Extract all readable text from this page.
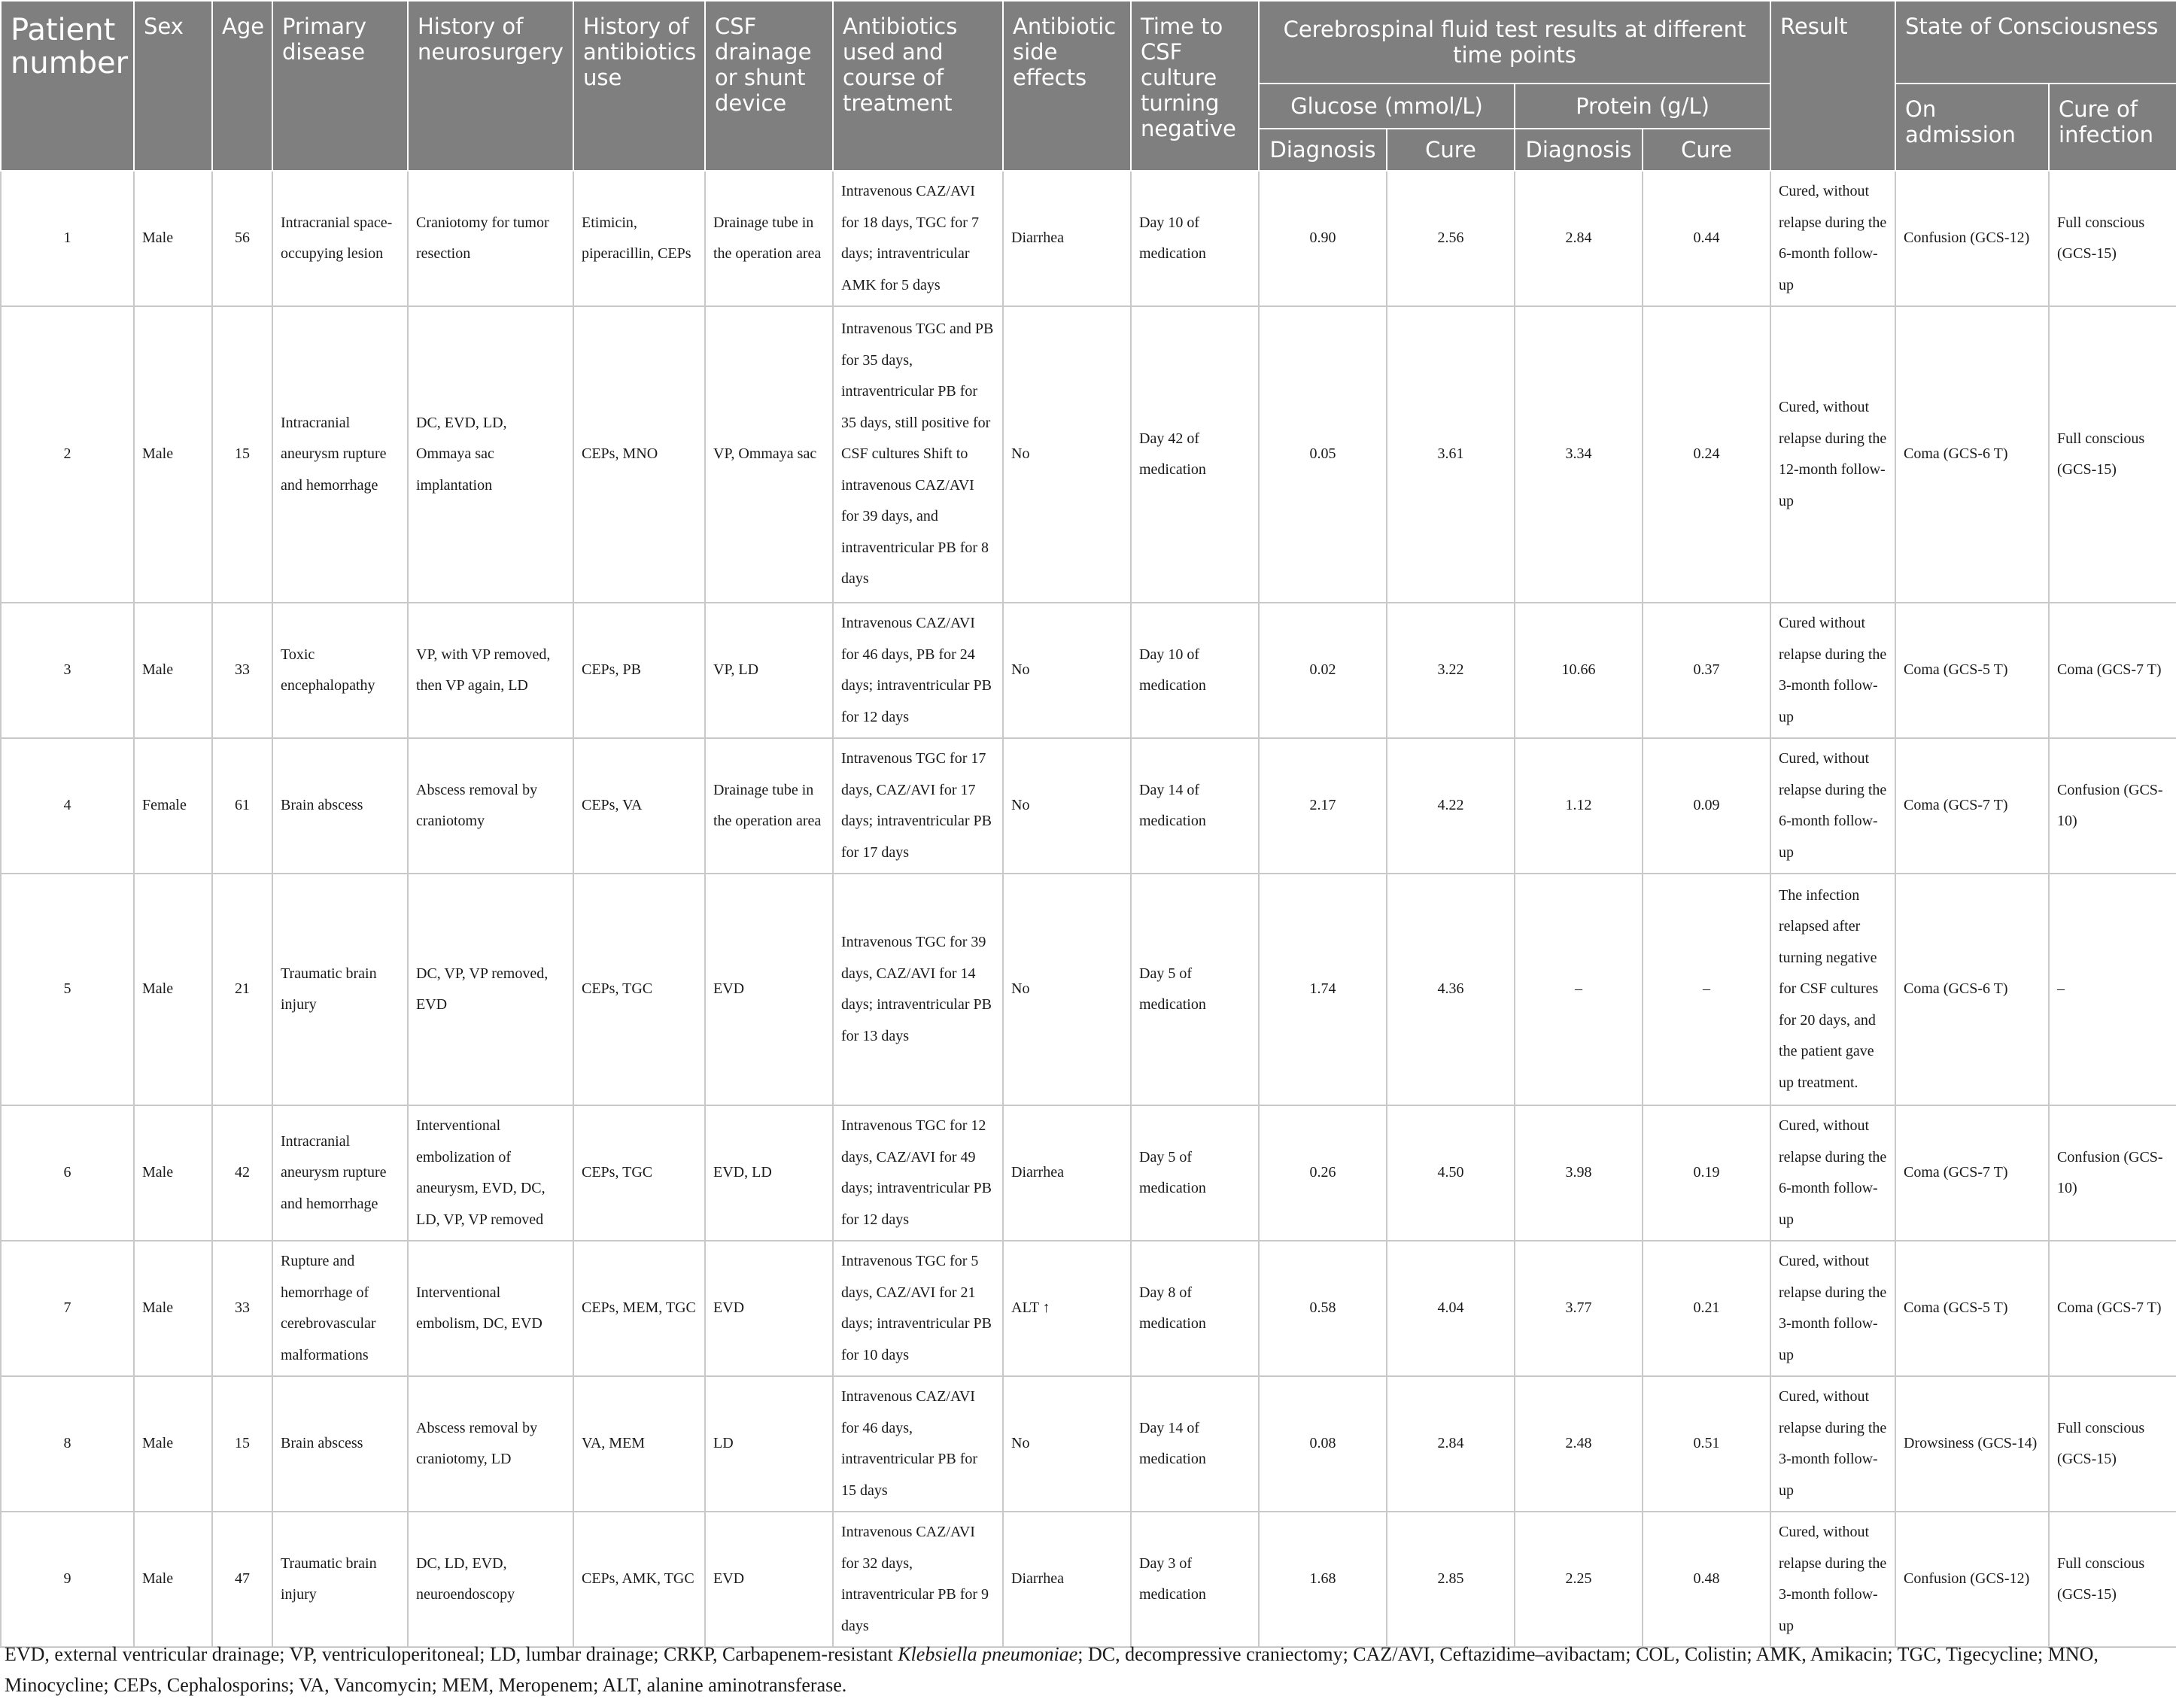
Patient number	Sex	Age	Primary disease	History of neurosurgery	History of antibiotics use	CSF drainage or shunt device	Antibiotics used and course of treatment	Antibiotic side effects	Time to CSF culture turning negative	Cerebrospinal fluid test results at different time points				Result	State of Consciousness	
										Glucose (mmol/L)		Protein (g/L)			On admission	Cure of infection
										Diagnosis	Cure	Diagnosis	Cure			
1	Male	56	Intracranial space-occupying lesion	Craniotomy for tumor resection	Etimicin, piperacillin, CEPs	Drainage tube in the operation area	Intravenous CAZ/AVI for 18 days, TGC for 7 days; intraventricular AMK for 5 days	Diarrhea	Day 10 of medication	0.90	2.56	2.84	0.44	Cured, without relapse during the 6-month follow-up	Confusion (GCS-12)	Full conscious (GCS-15)
2	Male	15	Intracranial aneurysm rupture and hemorrhage	DC, EVD, LD, Ommaya sac implantation	CEPs, MNO	VP, Ommaya sac	Intravenous TGC and PB for 35 days, intraventricular PB for 35 days, still positive for CSF cultures Shift to intravenous CAZ/AVI for 39 days, and intraventricular PB for 8 days	No	Day 42 of medication	0.05	3.61	3.34	0.24	Cured, without relapse during the 12-month follow-up	Coma (GCS-6 T)	Full conscious (GCS-15)
3	Male	33	Toxic encephalopathy	VP, with VP removed, then VP again, LD	CEPs, PB	VP, LD	Intravenous CAZ/AVI for 46 days, PB for 24 days; intraventricular PB for 12 days	No	Day 10 of medication	0.02	3.22	10.66	0.37	Cured without relapse during the 3-month follow-up	Coma (GCS-5 T)	Coma (GCS-7 T)
4	Female	61	Brain abscess	Abscess removal by craniotomy	CEPs, VA	Drainage tube in the operation area	Intravenous TGC for 17 days, CAZ/AVI for 17 days; intraventricular PB for 17 days	No	Day 14 of medication	2.17	4.22	1.12	0.09	Cured, without relapse during the 6-month follow-up	Coma (GCS-7 T)	Confusion (GCS-10)
5	Male	21	Traumatic brain injury	DC, VP, VP removed, EVD	CEPs, TGC	EVD	Intravenous TGC for 39 days, CAZ/AVI for 14 days; intraventricular PB for 13 days	No	Day 5 of medication	1.74	4.36	–	–	The infection relapsed after turning negative for CSF cultures for 20 days, and the patient gave up treatment.	Coma (GCS-6 T)	–
6	Male	42	Intracranial aneurysm rupture and hemorrhage	Interventional embolization of aneurysm, EVD, DC, LD, VP, VP removed	CEPs, TGC	EVD, LD	Intravenous TGC for 12 days, CAZ/AVI for 49 days; intraventricular PB for 12 days	Diarrhea	Day 5 of medication	0.26	4.50	3.98	0.19	Cured, without relapse during the 6-month follow-up	Coma (GCS-7 T)	Confusion (GCS-10)
7	Male	33	Rupture and hemorrhage of cerebrovascular malformations	Interventional embolism, DC, EVD	CEPs, MEM, TGC	EVD	Intravenous TGC for 5 days, CAZ/AVI for 21 days; intraventricular PB for 10 days	ALT ↑	Day 8 of medication	0.58	4.04	3.77	0.21	Cured, without relapse during the 3-month follow-up	Coma (GCS-5 T)	Coma (GCS-7 T)
8	Male	15	Brain abscess	Abscess removal by craniotomy, LD	VA, MEM	LD	Intravenous CAZ/AVI for 46 days, intraventricular PB for 15 days	No	Day 14 of medication	0.08	2.84	2.48	0.51	Cured, without relapse during the 3-month follow-up	Drowsiness (GCS-14)	Full conscious (GCS-15)
9	Male	47	Traumatic brain injury	DC, LD, EVD, neuroendoscopy	CEPs, AMK, TGC	EVD	Intravenous CAZ/AVI for 32 days, intraventricular PB for 9 days	Diarrhea	Day 3 of medication	1.68	2.85	2.25	0.48	Cured, without relapse during the 3-month follow-up	Confusion (GCS-12)	Full conscious (GCS-15)
EVD, external ventricular drainage; VP, ventriculoperitoneal; LD, lumbar drainage; CRKP, Carbapenem-resistant Klebsiella pneumoniae; DC, decompressive craniectomy; CAZ/AVI, Ceftazidime–avibactam; COL, Colistin; AMK, Amikacin; TGC, Tigecycline; MNO, Minocycline; CEPs, Cephalosporins; VA, Vancomycin; MEM, Meropenem; ALT, alanine aminotransferase.
